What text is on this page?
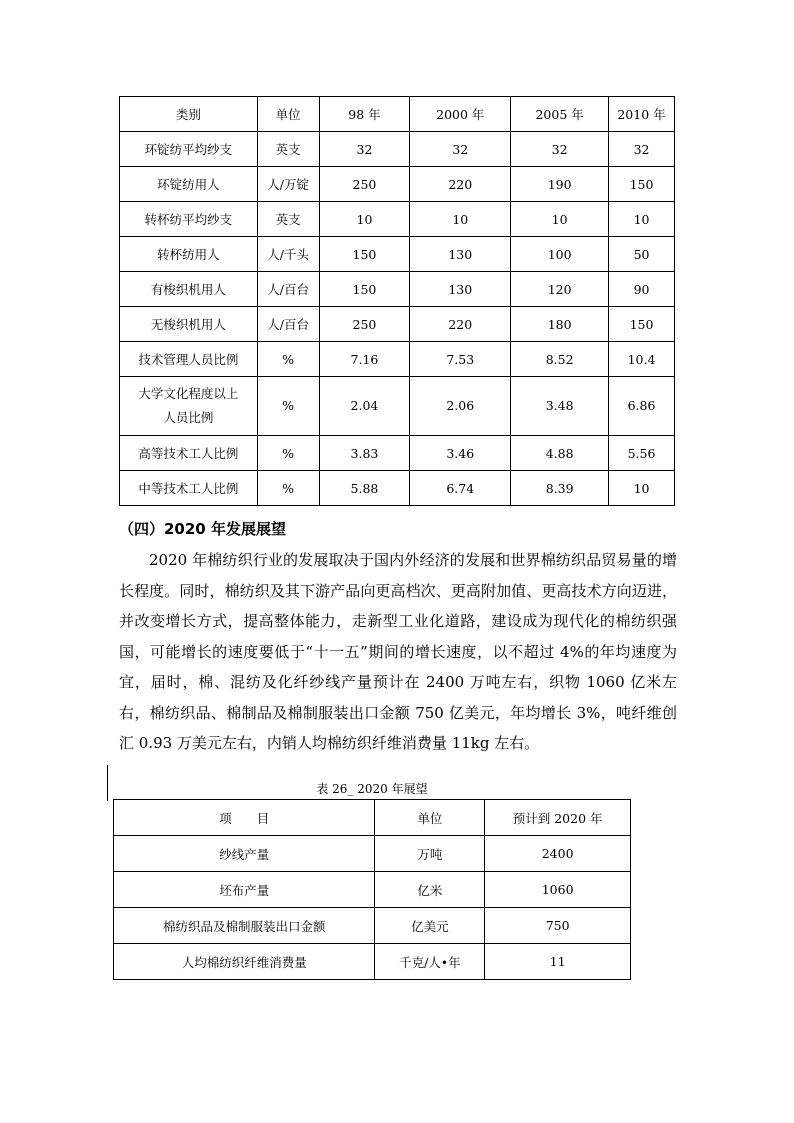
类别	单位	98 年	2000 年	2005 年	2010 年
环锭纺平均纱支	英支	32	32	32	32
环锭纺用人	人/万锭	250	220	190	150
转杯纺平均纱支	英支	10	10	10	10
转杯纺用人	人/千头	150	130	100	50
有梭织机用人	人/百台	150	130	120	90
无梭织机用人	人/百台	250	220	180	150
技术管理人员比例	%	7.16	7.53	8.52	10.4
大学文化程度以上
人员比例	%	2.04	2.06	3.48	6.86
高等技术工人比例	%	3.83	3.46	4.88	5.56
中等技术工人比例	%	5.88	6.74	8.39	10
（四）2020 年发展展望

2020 年棉纺织行业的发展取决于国内外经济的发展和世界棉纺织品贸易量的增长程度。同时，棉纺织及其下游产品向更高档次、更高附加值、更高技术方向迈进，并改变增长方式，提高整体能力，走新型工业化道路，建设成为现代化的棉纺织强国，可能增长的速度要低于“十一五”期间的增长速度，以不超过 4%的年均速度为宜，届时，棉、混纺及化纤纱线产量预计在 2400 万吨左右，织物 1060 亿米左右，棉纺织品、棉制品及棉制服装出口金额 750 亿美元，年均增长 3%，吨纤维创汇 0.93 万美元左右，内销人均棉纺织纤维消费量 11kg 左右。

表 26_ 2020 年展望
项　　目	单位	预计到 2020 年
纱线产量	万吨	2400
坯布产量	亿米	1060
棉纺织品及棉制服装出口金额	亿美元	750
人均棉纺织纤维消费量	千克/人•年	11
